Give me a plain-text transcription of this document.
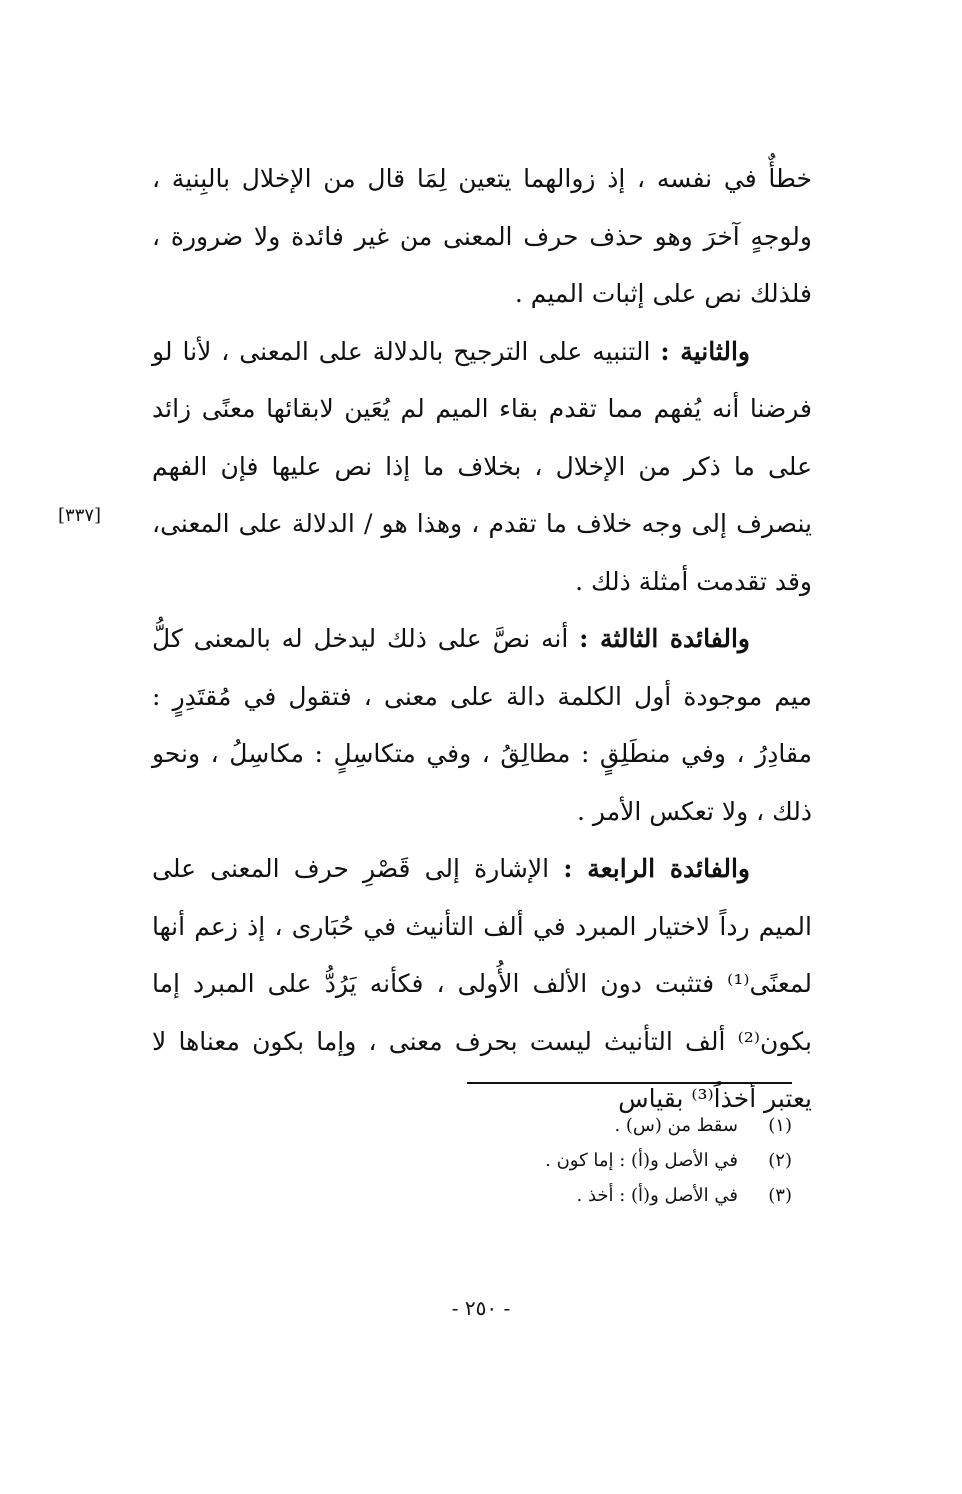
خطأٌ في نفسه ، إذ زوالهما يتعين لِمَا قال من الإخلال بالبِنية ، ولوجهٍ آخرَ وهو حذف حرف المعنى من غير فائدة ولا ضرورة ، فلذلك نص على إثبات الميم .

والثانية : التنبيه على الترجيح بالدلالة على المعنى ، لأنا لو فرضنا أنه يُفهم مما تقدم بقاء الميم لم يُعَين لابقائها معنًى زائد على ما ذكر من الإخلال ، بخلاف ما إذا نص عليها فإن الفهم ينصرف إلى وجه خلاف ما تقدم ، وهذا هو / الدلالة على المعنى، وقد تقدمت أمثلة ذلك .

والفائدة الثالثة : أنه نصَّ على ذلك ليدخل له بالمعنى كلُّ ميم موجودة أول الكلمة دالة على معنى ، فتقول في مُقتَدِرٍ : مقادِرُ ، وفي منطَلِقٍ : مطالِقُ ، وفي متكاسِلٍ : مكاسِلُ ، ونحو ذلك ، ولا تعكس الأمر .

والفائدة الرابعة : الإشارة إلى قَصْرِ حرف المعنى على الميم رداً لاختيار المبرد في ألف التأنيث في حُبَارى ، إذ زعم أنها لمعنًى⁽¹⁾ فتثبت دون الألف الأُولى ، فكأنه يَرُدُّ على المبرد إما بكون⁽²⁾ ألف التأنيث ليست بحرف معنى ، وإما بكون معناها لا يعتبر أخذاً⁽³⁾ بقياس

[٣٣٧]
(١)
سقط من (س) .
(٢)
في الأصل و(أ) : إما كون .
(٣)
في الأصل و(أ) : أخذ .
- ٢٥٠ -
